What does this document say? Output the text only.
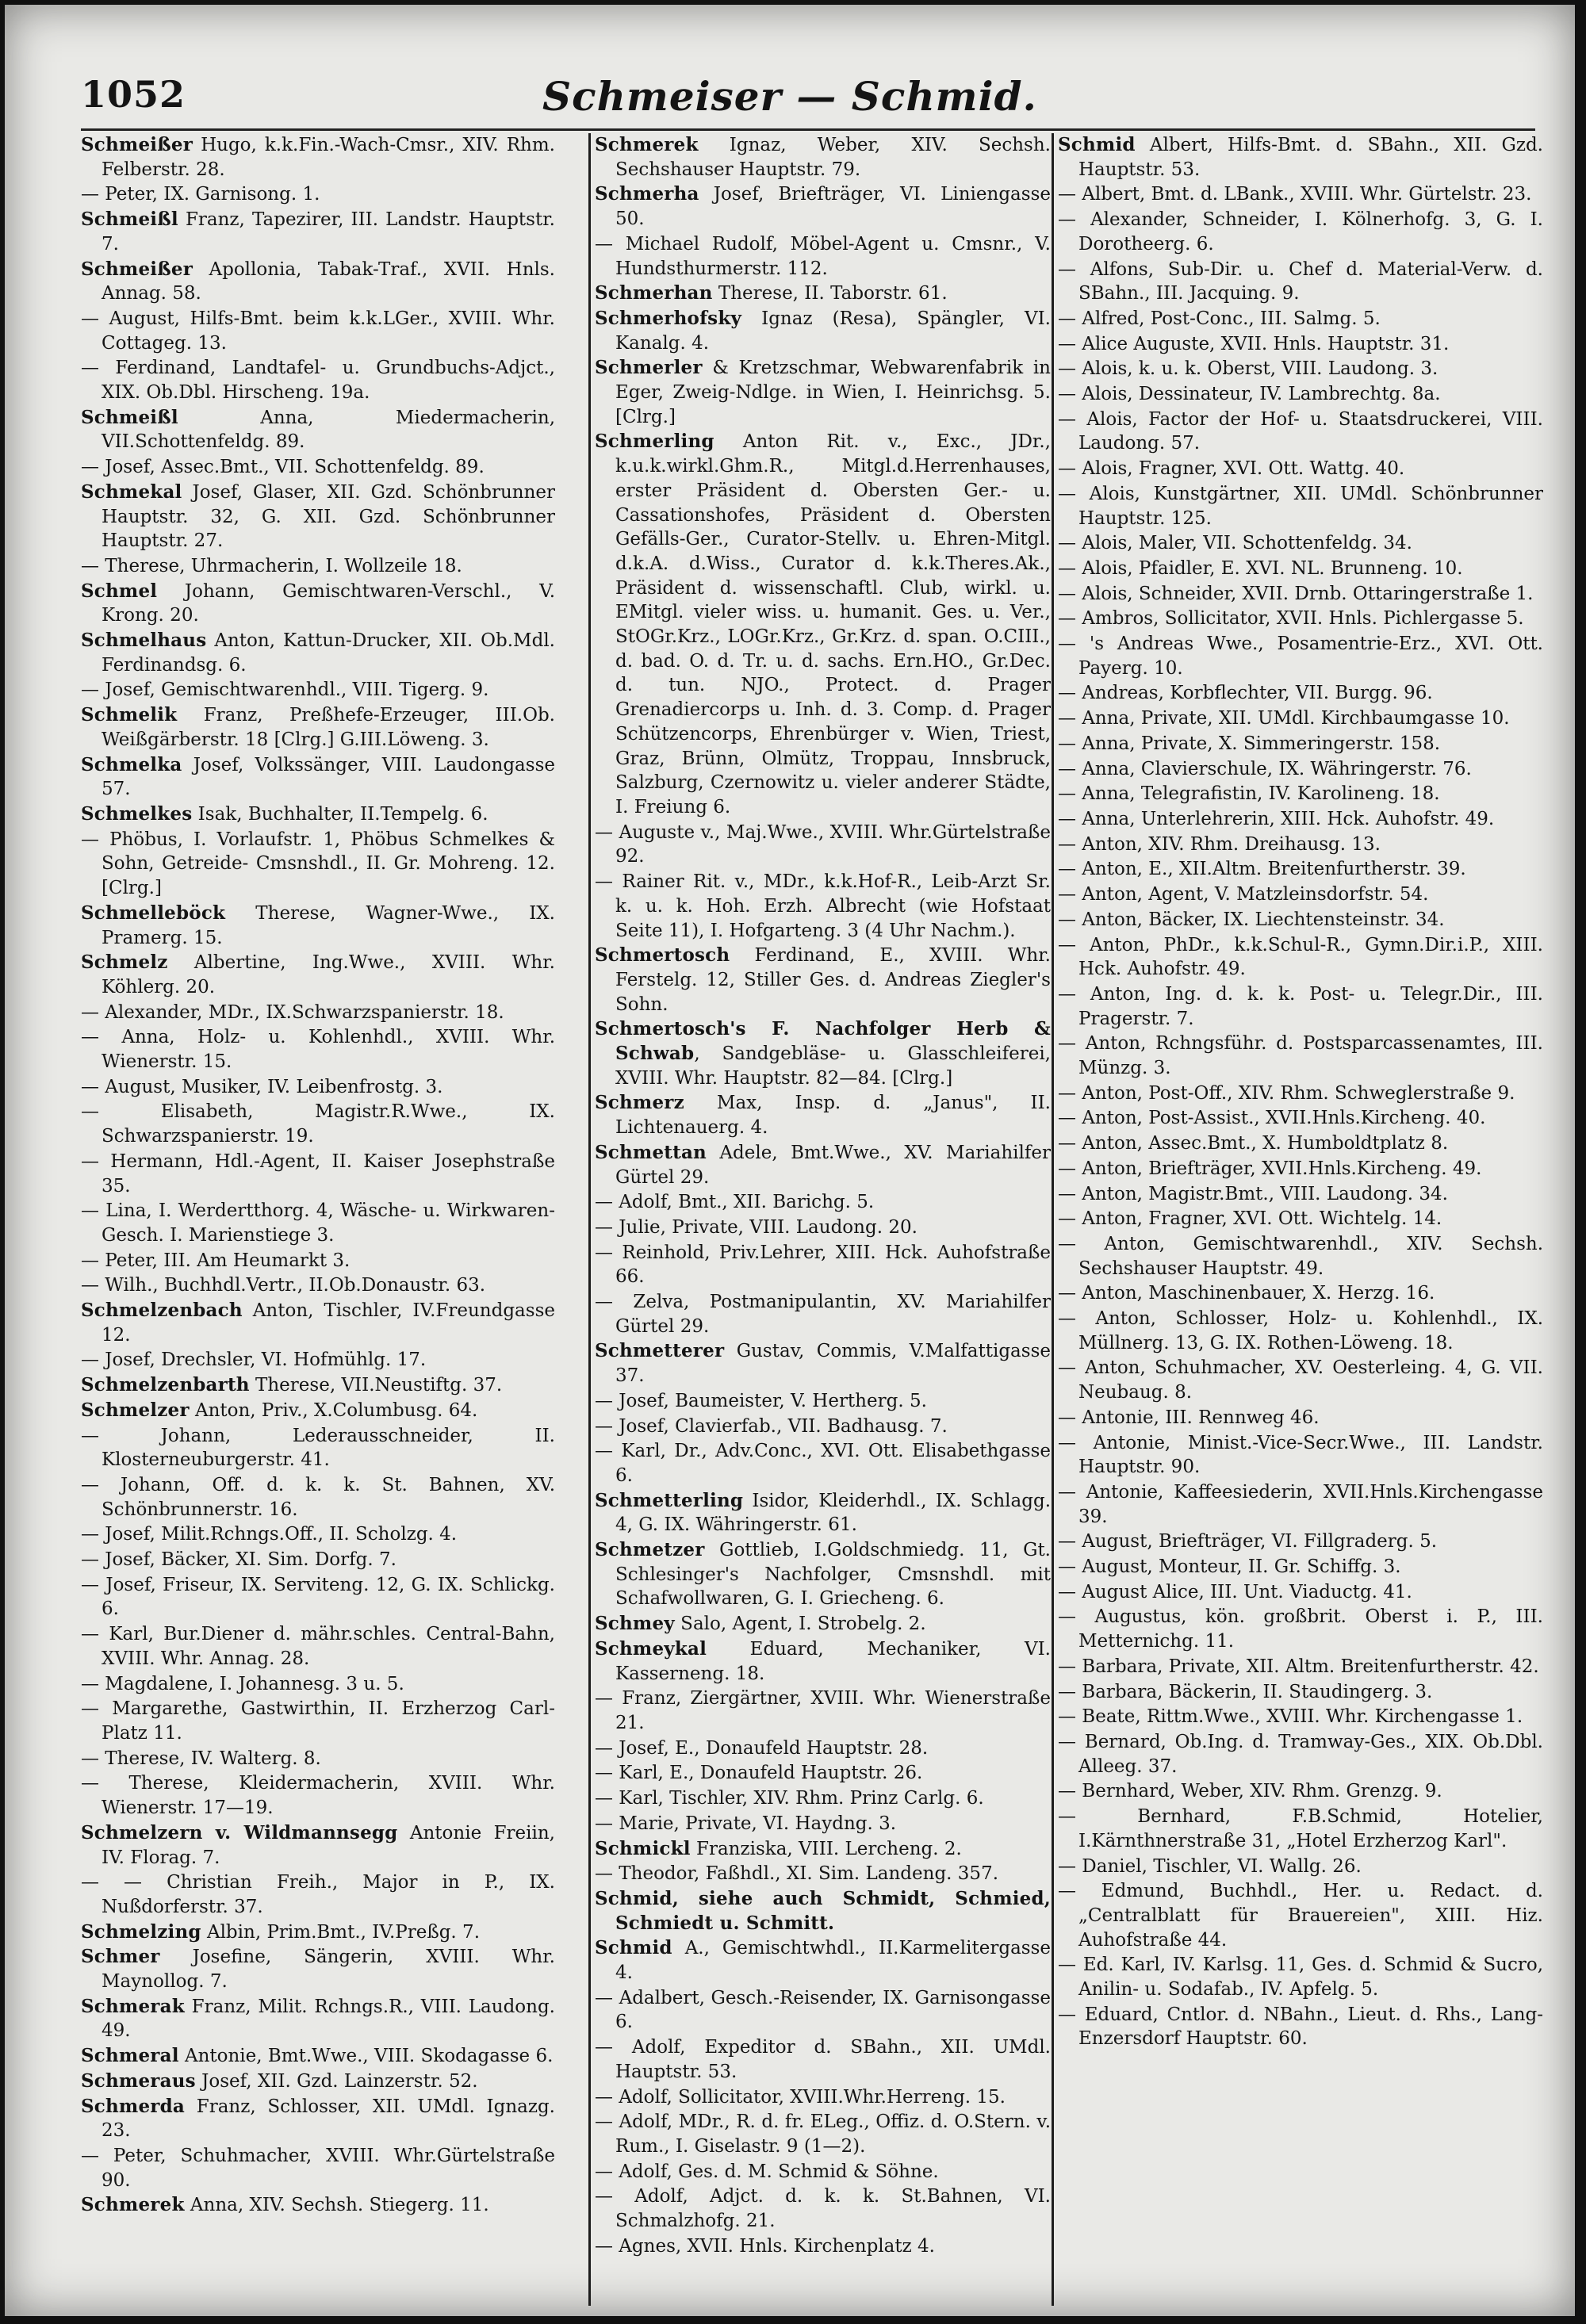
1052	Schmeiser — Schmid.
Schmeißer Hugo, k.k.Fin.-Wach-Cmsr., XIV. Rhm. Felberstr. 28.
— Peter, IX. Garnisong. 1.
Schmeißl Franz, Tapezirer, III. Landstr. Hauptstr. 7.
Schmeißer Apollonia, Tabak-Traf., XVII. Hnls. Annag. 58.
— August, Hilfs-Bmt. beim k.k.LGer., XVIII. Whr. Cottageg. 13.
— Ferdinand, Landtafel- u. Grundbuchs-Adjct., XIX. Ob.Dbl. Hirscheng. 19a.
Schmeißl Anna, Miedermacherin, VII.Schottenfeldg. 89.
— Josef, Assec.Bmt., VII. Schottenfeldg. 89.
Schmekal Josef, Glaser, XII. Gzd. Schönbrunner Hauptstr. 32, G. XII. Gzd. Schönbrunner Hauptstr. 27.
— Therese, Uhrmacherin, I. Wollzeile 18.
Schmel Johann, Gemischtwaren-Verschl., V. Krong. 20.
Schmelhaus Anton, Kattun-Drucker, XII. Ob.Mdl. Ferdinandsg. 6.
— Josef, Gemischtwarenhdl., VIII. Tigerg. 9.
Schmelik Franz, Preßhefe-Erzeuger, III.Ob. Weißgärberstr. 18 [Clrg.] G.III.Löweng. 3.
Schmelka Josef, Volkssänger, VIII. Laudongasse 57.
Schmelkes Isak, Buchhalter, II.Tempelg. 6.
— Phöbus, I. Vorlaufstr. 1, Phöbus Schmelkes & Sohn, Getreide- Cmsnshdl., II. Gr. Mohreng. 12. [Clrg.]
Schmelleböck Therese, Wagner-Wwe., IX. Pramerg. 15.
Schmelz Albertine, Ing.Wwe., XVIII. Whr. Köhlerg. 20.
— Alexander, MDr., IX.Schwarzspanierstr. 18.
— Anna, Holz- u. Kohlenhdl., XVIII. Whr. Wienerstr. 15.
— August, Musiker, IV. Leibenfrostg. 3.
— Elisabeth, Magistr.R.Wwe., IX. Schwarzspanierstr. 19.
— Hermann, Hdl.-Agent, II. Kaiser Josephstraße 35.
— Lina, I. Werdertthorg. 4, Wäsche- u. Wirkwaren-Gesch. I. Marienstiege 3.
— Peter, III. Am Heumarkt 3.
— Wilh., Buchhdl.Vertr., II.Ob.Donaustr. 63.
Schmelzenbach Anton, Tischler, IV.Freundgasse 12.
— Josef, Drechsler, VI. Hofmühlg. 17.
Schmelzenbarth Therese, VII.Neustiftg. 37.
Schmelzer Anton, Priv., X.Columbusg. 64.
— Johann, Lederausschneider, II. Klosterneuburgerstr. 41.
— Johann, Off. d. k. k. St. Bahnen, XV. Schönbrunnerstr. 16.
— Josef, Milit.Rchngs.Off., II. Scholzg. 4.
— Josef, Bäcker, XI. Sim. Dorfg. 7.
— Josef, Friseur, IX. Serviteng. 12, G. IX. Schlickg. 6.
— Karl, Bur.Diener d. mähr.schles. Central-Bahn, XVIII. Whr. Annag. 28.
— Magdalene, I. Johannesg. 3 u. 5.
— Margarethe, Gastwirthin, II. Erzherzog Carl-Platz 11.
— Therese, IV. Walterg. 8.
— Therese, Kleidermacherin, XVIII. Whr. Wienerstr. 17—19.
Schmelzern v. Wildmannsegg Antonie Freiin, IV. Florag. 7.
— — Christian Freih., Major in P., IX. Nußdorferstr. 37.
Schmelzing Albin, Prim.Bmt., IV.Preßg. 7.
Schmer Josefine, Sängerin, XVIII. Whr. Maynollog. 7.
Schmerak Franz, Milit. Rchngs.R., VIII. Laudong. 49.
Schmeral Antonie, Bmt.Wwe., VIII. Skodagasse 6.
Schmeraus Josef, XII. Gzd. Lainzerstr. 52.
Schmerda Franz, Schlosser, XII. UMdl. Ignazg. 23.
— Peter, Schuhmacher, XVIII. Whr.Gürtelstraße 90.
Schmerek Anna, XIV. Sechsh. Stiegerg. 11.
Schmerek Ignaz, Weber, XIV. Sechsh. Sechshauser Hauptstr. 79.
Schmerha Josef, Briefträger, VI. Liniengasse 50.
— Michael Rudolf, Möbel-Agent u. Cmsnr., V. Hundsthurmerstr. 112.
Schmerhan Therese, II. Taborstr. 61.
Schmerhofsky Ignaz (Resa), Spängler, VI. Kanalg. 4.
Schmerler & Kretzschmar, Webwarenfabrik in Eger, Zweig-Ndlge. in Wien, I. Heinrichsg. 5. [Clrg.]
Schmerling Anton Rit. v., Exc., JDr., k.u.k.wirkl.Ghm.R., Mitgl.d.Herrenhauses, erster Präsident d. Obersten Ger.- u. Cassationshofes, Präsident d. Obersten Gefälls-Ger., Curator-Stellv. u. Ehren-Mitgl. d.k.A. d.Wiss., Curator d. k.k.Theres.Ak., Präsident d. wissenschaftl. Club, wirkl. u. EMitgl. vieler wiss. u. humanit. Ges. u. Ver., StOGr.Krz., LOGr.Krz., Gr.Krz. d. span. O.CIII., d. bad. O. d. Tr. u. d. sachs. Ern.HO., Gr.Dec. d. tun. NJO., Protect. d. Prager Grenadiercorps u. Inh. d. 3. Comp. d. Prager Schützencorps, Ehrenbürger v. Wien, Triest, Graz, Brünn, Olmütz, Troppau, Innsbruck, Salzburg, Czernowitz u. vieler anderer Städte, I. Freiung 6.
— Auguste v., Maj.Wwe., XVIII. Whr.Gürtelstraße 92.
— Rainer Rit. v., MDr., k.k.Hof-R., Leib-Arzt Sr. k. u. k. Hoh. Erzh. Albrecht (wie Hofstaat Seite 11), I. Hofgarteng. 3 (4 Uhr Nachm.).
Schmertosch Ferdinand, E., XVIII. Whr. Ferstelg. 12, Stiller Ges. d. Andreas Ziegler's Sohn.
Schmertosch's F. Nachfolger Herb & Schwab, Sandgebläse- u. Glasschleiferei, XVIII. Whr. Hauptstr. 82—84. [Clrg.]
Schmerz Max, Insp. d. „Janus", II. Lichtenauerg. 4.
Schmettan Adele, Bmt.Wwe., XV. Mariahilfer Gürtel 29.
— Adolf, Bmt., XII. Barichg. 5.
— Julie, Private, VIII. Laudong. 20.
— Reinhold, Priv.Lehrer, XIII. Hck. Auhofstraße 66.
— Zelva, Postmanipulantin, XV. Mariahilfer Gürtel 29.
Schmetterer Gustav, Commis, V.Malfattigasse 37.
— Josef, Baumeister, V. Hertherg. 5.
— Josef, Clavierfab., VII. Badhausg. 7.
— Karl, Dr., Adv.Conc., XVI. Ott. Elisabethgasse 6.
Schmetterling Isidor, Kleiderhdl., IX. Schlagg. 4, G. IX. Währingerstr. 61.
Schmetzer Gottlieb, I.Goldschmiedg. 11, Gt. Schlesinger's Nachfolger, Cmsnshdl. mit Schafwollwaren, G. I. Griecheng. 6.
Schmey Salo, Agent, I. Strobelg. 2.
Schmeykal Eduard, Mechaniker, VI. Kasserneng. 18.
— Franz, Ziergärtner, XVIII. Whr. Wienerstraße 21.
— Josef, E., Donaufeld Hauptstr. 28.
— Karl, E., Donaufeld Hauptstr. 26.
— Karl, Tischler, XIV. Rhm. Prinz Carlg. 6.
— Marie, Private, VI. Haydng. 3.
Schmickl Franziska, VIII. Lercheng. 2.
— Theodor, Faßhdl., XI. Sim. Landeng. 357.
Schmid, siehe auch Schmidt, Schmied, Schmiedt u. Schmitt.
Schmid A., Gemischtwhdl., II.Karmelitergasse 4.
— Adalbert, Gesch.-Reisender, IX. Garnisongasse 6.
— Adolf, Expeditor d. SBahn., XII. UMdl. Hauptstr. 53.
— Adolf, Sollicitator, XVIII.Whr.Herreng. 15.
— Adolf, MDr., R. d. fr. ELeg., Offiz. d. O.Stern. v. Rum., I. Giselastr. 9 (1—2).
— Adolf, Ges. d. M. Schmid & Söhne.
— Adolf, Adjct. d. k. k. St.Bahnen, VI. Schmalzhofg. 21.
— Agnes, XVII. Hnls. Kirchenplatz 4.
Schmid Albert, Hilfs-Bmt. d. SBahn., XII. Gzd. Hauptstr. 53.
— Albert, Bmt. d. LBank., XVIII. Whr. Gürtelstr. 23.
— Alexander, Schneider, I. Kölnerhofg. 3, G. I. Dorotheerg. 6.
— Alfons, Sub-Dir. u. Chef d. Material-Verw. d. SBahn., III. Jacquing. 9.
— Alfred, Post-Conc., III. Salmg. 5.
— Alice Auguste, XVII. Hnls. Hauptstr. 31.
— Alois, k. u. k. Oberst, VIII. Laudong. 3.
— Alois, Dessinateur, IV. Lambrechtg. 8a.
— Alois, Factor der Hof- u. Staatsdruckerei, VIII. Laudong. 57.
— Alois, Fragner, XVI. Ott. Wattg. 40.
— Alois, Kunstgärtner, XII. UMdl. Schönbrunner Hauptstr. 125.
— Alois, Maler, VII. Schottenfeldg. 34.
— Alois, Pfaidler, E. XVI. NL. Brunneng. 10.
— Alois, Schneider, XVII. Drnb. Ottaringerstraße 1.
— Ambros, Sollicitator, XVII. Hnls. Pichlergasse 5.
— 's Andreas Wwe., Posamentrie-Erz., XVI. Ott. Payerg. 10.
— Andreas, Korbflechter, VII. Burgg. 96.
— Anna, Private, XII. UMdl. Kirchbaumgasse 10.
— Anna, Private, X. Simmeringerstr. 158.
— Anna, Clavierschule, IX. Währingerstr. 76.
— Anna, Telegrafistin, IV. Karolineng. 18.
— Anna, Unterlehrerin, XIII. Hck. Auhofstr. 49.
— Anton, XIV. Rhm. Dreihausg. 13.
— Anton, E., XII.Altm. Breitenfurtherstr. 39.
— Anton, Agent, V. Matzleinsdorfstr. 54.
— Anton, Bäcker, IX. Liechtensteinstr. 34.
— Anton, PhDr., k.k.Schul-R., Gymn.Dir.i.P., XIII. Hck. Auhofstr. 49.
— Anton, Ing. d. k. k. Post- u. Telegr.Dir., III. Pragerstr. 7.
— Anton, Rchngsführ. d. Postsparcassenamtes, III. Münzg. 3.
— Anton, Post-Off., XIV. Rhm. Schweglerstraße 9.
— Anton, Post-Assist., XVII.Hnls.Kircheng. 40.
— Anton, Assec.Bmt., X. Humboldtplatz 8.
— Anton, Briefträger, XVII.Hnls.Kircheng. 49.
— Anton, Magistr.Bmt., VIII. Laudong. 34.
— Anton, Fragner, XVI. Ott. Wichtelg. 14.
— Anton, Gemischtwarenhdl., XIV. Sechsh. Sechshauser Hauptstr. 49.
— Anton, Maschinenbauer, X. Herzg. 16.
— Anton, Schlosser, Holz- u. Kohlenhdl., IX. Müllnerg. 13, G. IX. Rothen-Löweng. 18.
— Anton, Schuhmacher, XV. Oesterleing. 4, G. VII. Neubaug. 8.
— Antonie, III. Rennweg 46.
— Antonie, Minist.-Vice-Secr.Wwe., III. Landstr. Hauptstr. 90.
— Antonie, Kaffeesiederin, XVII.Hnls.Kirchengasse 39.
— August, Briefträger, VI. Fillgraderg. 5.
— August, Monteur, II. Gr. Schiffg. 3.
— August Alice, III. Unt. Viaductg. 41.
— Augustus, kön. großbrit. Oberst i. P., III. Metternichg. 11.
— Barbara, Private, XII. Altm. Breitenfurtherstr. 42.
— Barbara, Bäckerin, II. Staudingerg. 3.
— Beate, Rittm.Wwe., XVIII. Whr. Kirchengasse 1.
— Bernard, Ob.Ing. d. Tramway-Ges., XIX. Ob.Dbl. Alleeg. 37.
— Bernhard, Weber, XIV. Rhm. Grenzg. 9.
— Bernhard, F.B.Schmid, Hotelier, I.Kärnthnerstraße 31, „Hotel Erzherzog Karl".
— Daniel, Tischler, VI. Wallg. 26.
— Edmund, Buchhdl., Her. u. Redact. d. „Centralblatt für Brauereien", XIII. Hiz. Auhofstraße 44.
— Ed. Karl, IV. Karlsg. 11, Ges. d. Schmid & Sucro, Anilin- u. Sodafab., IV. Apfelg. 5.
— Eduard, Cntlor. d. NBahn., Lieut. d. Rhs., Lang-Enzersdorf Hauptstr. 60.
